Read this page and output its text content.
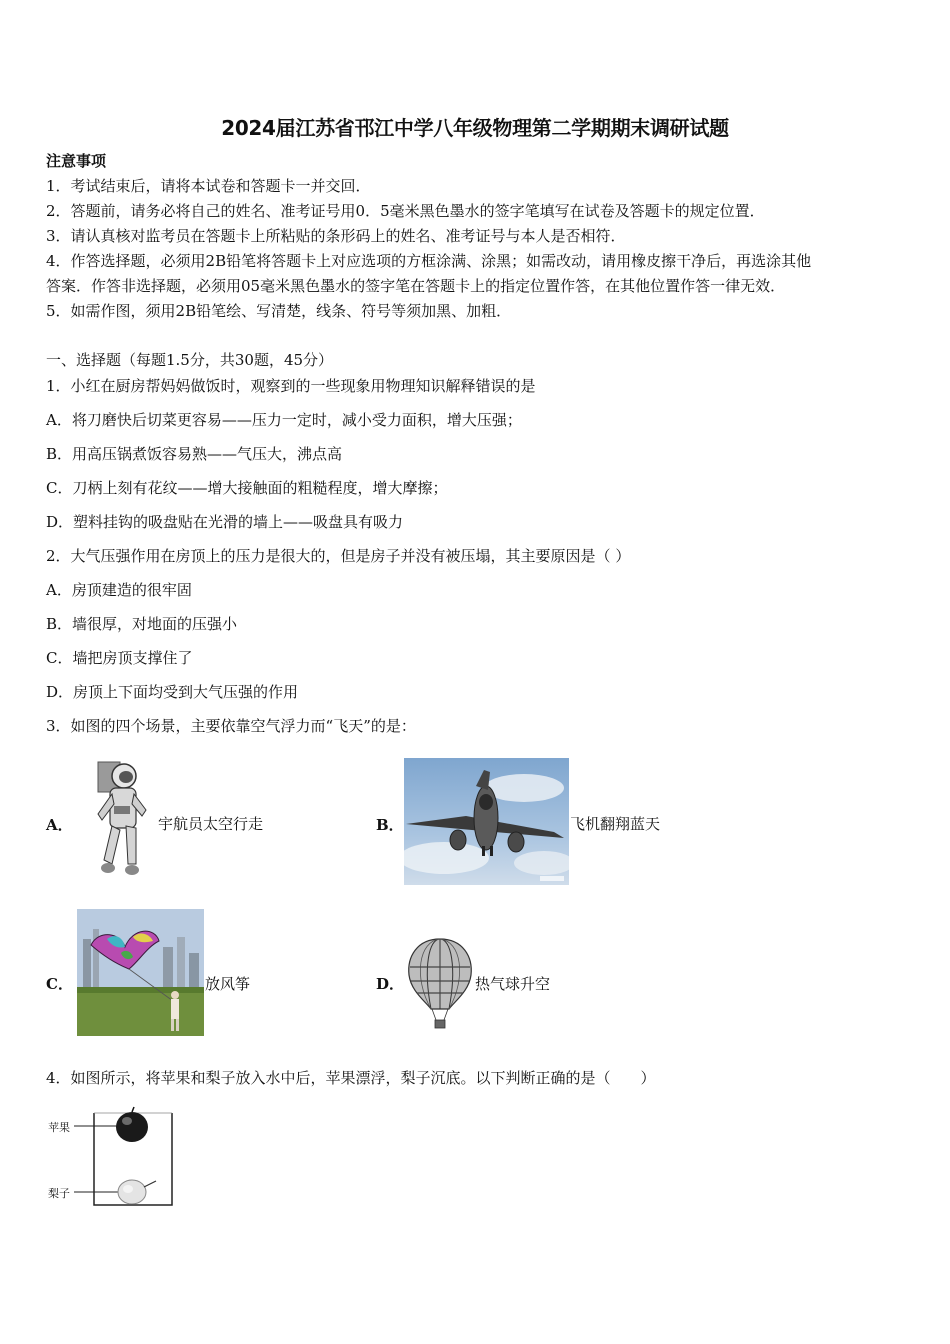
2024届江苏省邗江中学八年级物理第二学期期末调研试题
注意事项
1．考试结束后，请将本试卷和答题卡一并交回．
2．答题前，请务必将自己的姓名、准考证号用0．5毫米黑色墨水的签字笔填写在试卷及答题卡的规定位置．
3．请认真核对监考员在答题卡上所粘贴的条形码上的姓名、准考证号与本人是否相符．
4．作答选择题，必须用2B铅笔将答题卡上对应选项的方框涂满、涂黑；如需改动，请用橡皮擦干净后，再选涂其他
答案．作答非选择题，必须用05毫米黑色墨水的签字笔在答题卡上的指定位置作答，在其他位置作答一律无效．
5．如需作图，须用2B铅笔绘、写清楚，线条、符号等须加黑、加粗．
一、选择题（每题1.5分，共30题，45分）
1．小红在厨房帮妈妈做饭时，观察到的一些现象用物理知识解释错误的是
A．将刀磨快后切菜更容易——压力一定时，减小受力面积，增大压强；
B．用高压锅煮饭容易熟——气压大，沸点高
C．刀柄上刻有花纹——增大接触面的粗糙程度，增大摩擦；
D．塑料挂钩的吸盘贴在光滑的墙上——吸盘具有吸力
2．大气压强作用在房顶上的压力是很大的，但是房子并没有被压塌，其主要原因是（ ）
A．房顶建造的很牢固
B．墙很厚，对地面的压强小
C．墙把房顶支撑住了
D．房顶上下面均受到大气压强的作用
3．如图的四个场景，主要依靠空气浮力而“飞天”的是：
A．	宇航员太空行走	B．	飞机翻翔蓝天
C．	放风筝	D．	热气球升空
4．如图所示，将苹果和梨子放入水中后，苹果漂浮，梨子沉底。以下判断正确的是（　　）
苹果
梨子
